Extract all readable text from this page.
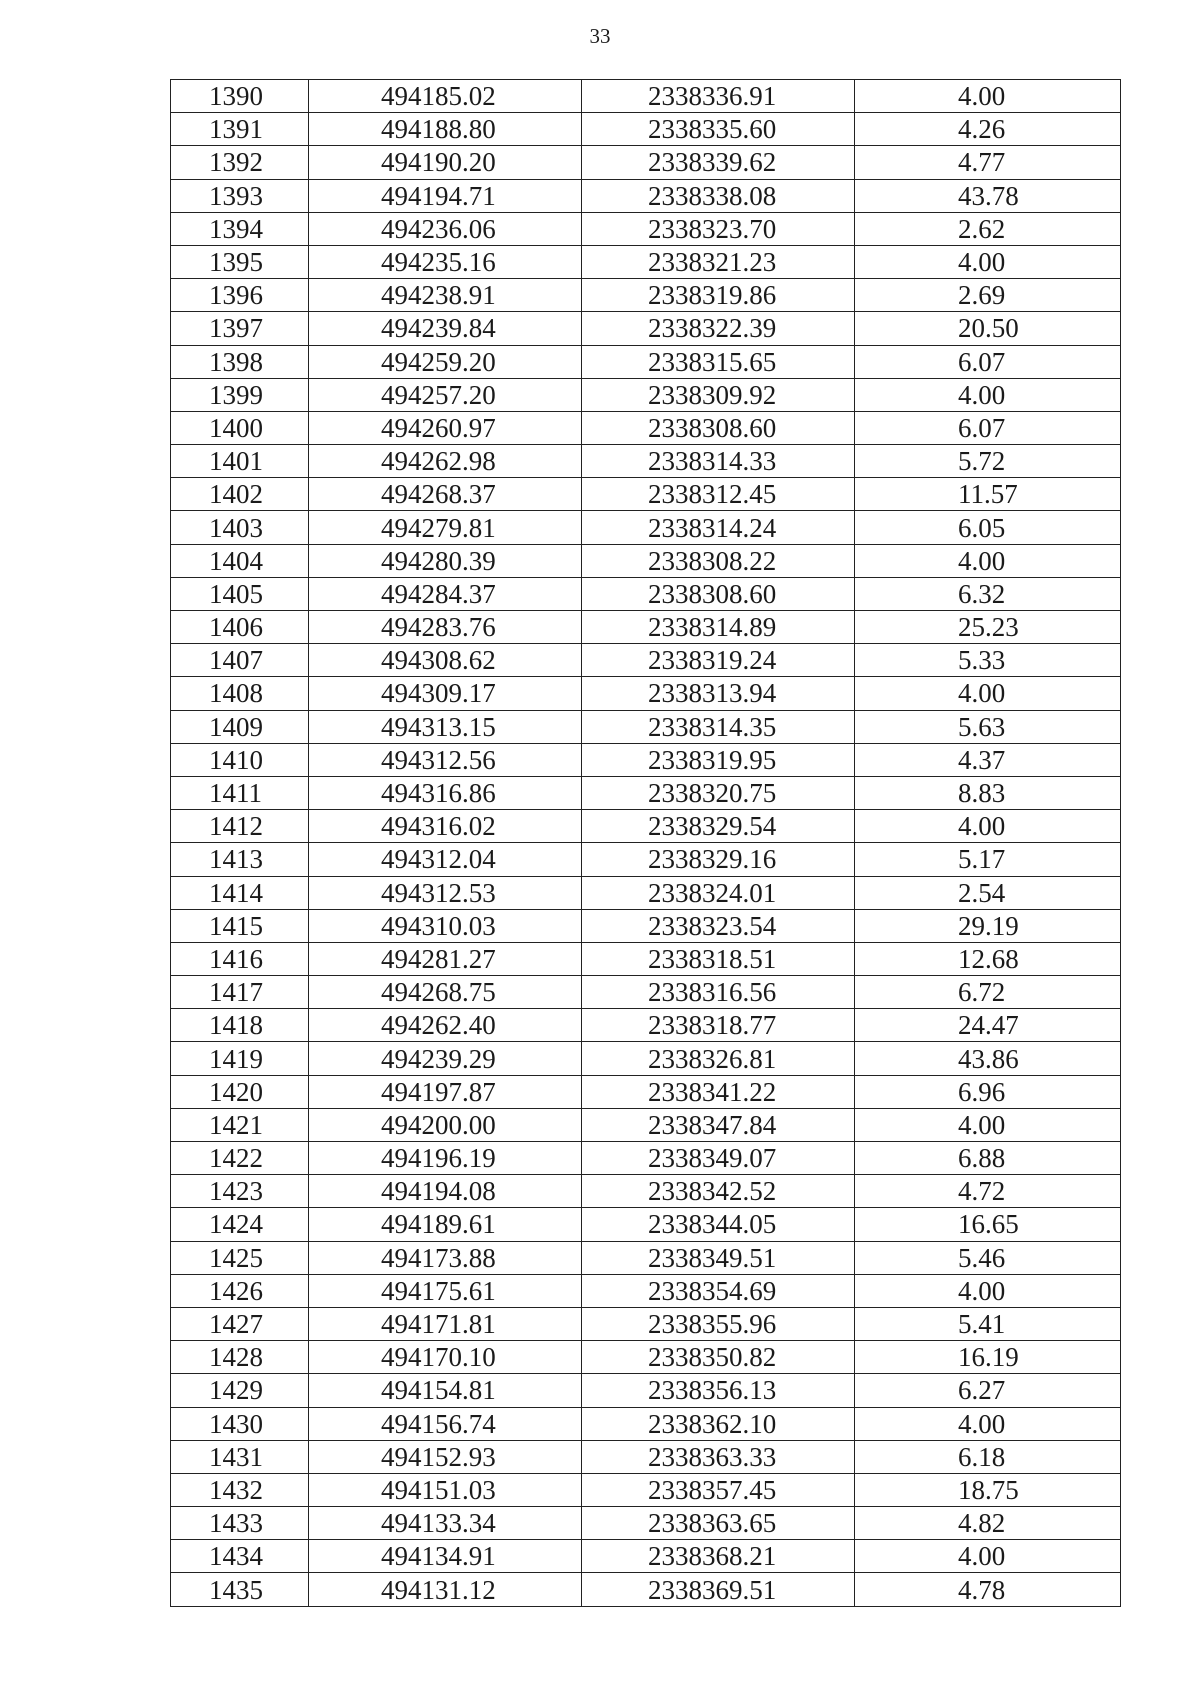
33
1390	494185.02	2338336.91	4.00
1391	494188.80	2338335.60	4.26
1392	494190.20	2338339.62	4.77
1393	494194.71	2338338.08	43.78
1394	494236.06	2338323.70	2.62
1395	494235.16	2338321.23	4.00
1396	494238.91	2338319.86	2.69
1397	494239.84	2338322.39	20.50
1398	494259.20	2338315.65	6.07
1399	494257.20	2338309.92	4.00
1400	494260.97	2338308.60	6.07
1401	494262.98	2338314.33	5.72
1402	494268.37	2338312.45	11.57
1403	494279.81	2338314.24	6.05
1404	494280.39	2338308.22	4.00
1405	494284.37	2338308.60	6.32
1406	494283.76	2338314.89	25.23
1407	494308.62	2338319.24	5.33
1408	494309.17	2338313.94	4.00
1409	494313.15	2338314.35	5.63
1410	494312.56	2338319.95	4.37
1411	494316.86	2338320.75	8.83
1412	494316.02	2338329.54	4.00
1413	494312.04	2338329.16	5.17
1414	494312.53	2338324.01	2.54
1415	494310.03	2338323.54	29.19
1416	494281.27	2338318.51	12.68
1417	494268.75	2338316.56	6.72
1418	494262.40	2338318.77	24.47
1419	494239.29	2338326.81	43.86
1420	494197.87	2338341.22	6.96
1421	494200.00	2338347.84	4.00
1422	494196.19	2338349.07	6.88
1423	494194.08	2338342.52	4.72
1424	494189.61	2338344.05	16.65
1425	494173.88	2338349.51	5.46
1426	494175.61	2338354.69	4.00
1427	494171.81	2338355.96	5.41
1428	494170.10	2338350.82	16.19
1429	494154.81	2338356.13	6.27
1430	494156.74	2338362.10	4.00
1431	494152.93	2338363.33	6.18
1432	494151.03	2338357.45	18.75
1433	494133.34	2338363.65	4.82
1434	494134.91	2338368.21	4.00
1435	494131.12	2338369.51	4.78
